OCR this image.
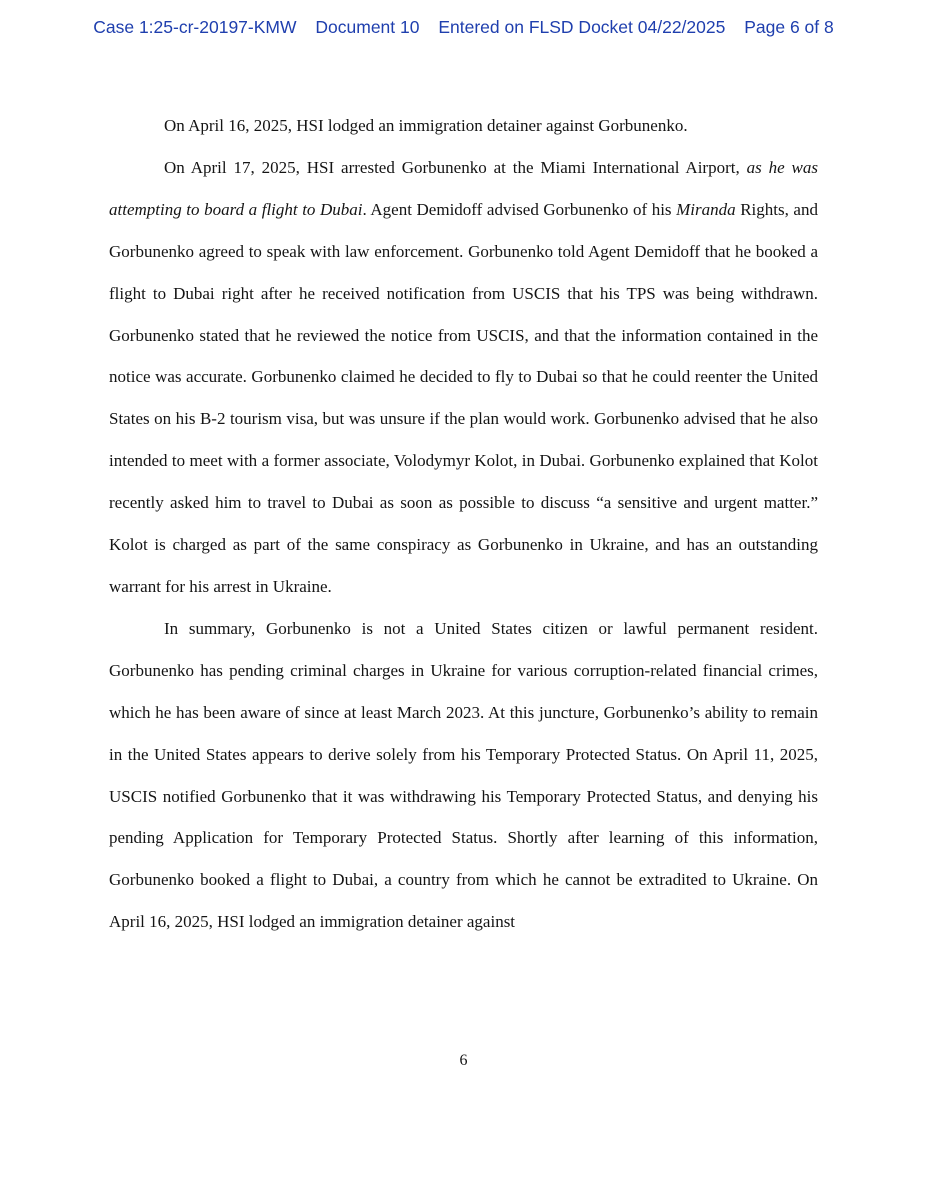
Case 1:25-cr-20197-KMW Document 10 Entered on FLSD Docket 04/22/2025 Page 6 of 8

On April 16, 2025, HSI lodged an immigration detainer against Gorbunenko.

On April 17, 2025, HSI arrested Gorbunenko at the Miami International Airport, as he was attempting to board a flight to Dubai. Agent Demidoff advised Gorbunenko of his Miranda Rights, and Gorbunenko agreed to speak with law enforcement. Gorbunenko told Agent Demidoff that he booked a flight to Dubai right after he received notification from USCIS that his TPS was being withdrawn. Gorbunenko stated that he reviewed the notice from USCIS, and that the information contained in the notice was accurate. Gorbunenko claimed he decided to fly to Dubai so that he could reenter the United States on his B-2 tourism visa, but was unsure if the plan would work. Gorbunenko advised that he also intended to meet with a former associate, Volodymyr Kolot, in Dubai. Gorbunenko explained that Kolot recently asked him to travel to Dubai as soon as possible to discuss “a sensitive and urgent matter.” Kolot is charged as part of the same conspiracy as Gorbunenko in Ukraine, and has an outstanding warrant for his arrest in Ukraine.

In summary, Gorbunenko is not a United States citizen or lawful permanent resident. Gorbunenko has pending criminal charges in Ukraine for various corruption-related financial crimes, which he has been aware of since at least March 2023. At this juncture, Gorbunenko’s ability to remain in the United States appears to derive solely from his Temporary Protected Status. On April 11, 2025, USCIS notified Gorbunenko that it was withdrawing his Temporary Protected Status, and denying his pending Application for Temporary Protected Status. Shortly after learning of this information, Gorbunenko booked a flight to Dubai, a country from which he cannot be extradited to Ukraine. On April 16, 2025, HSI lodged an immigration detainer against

6
